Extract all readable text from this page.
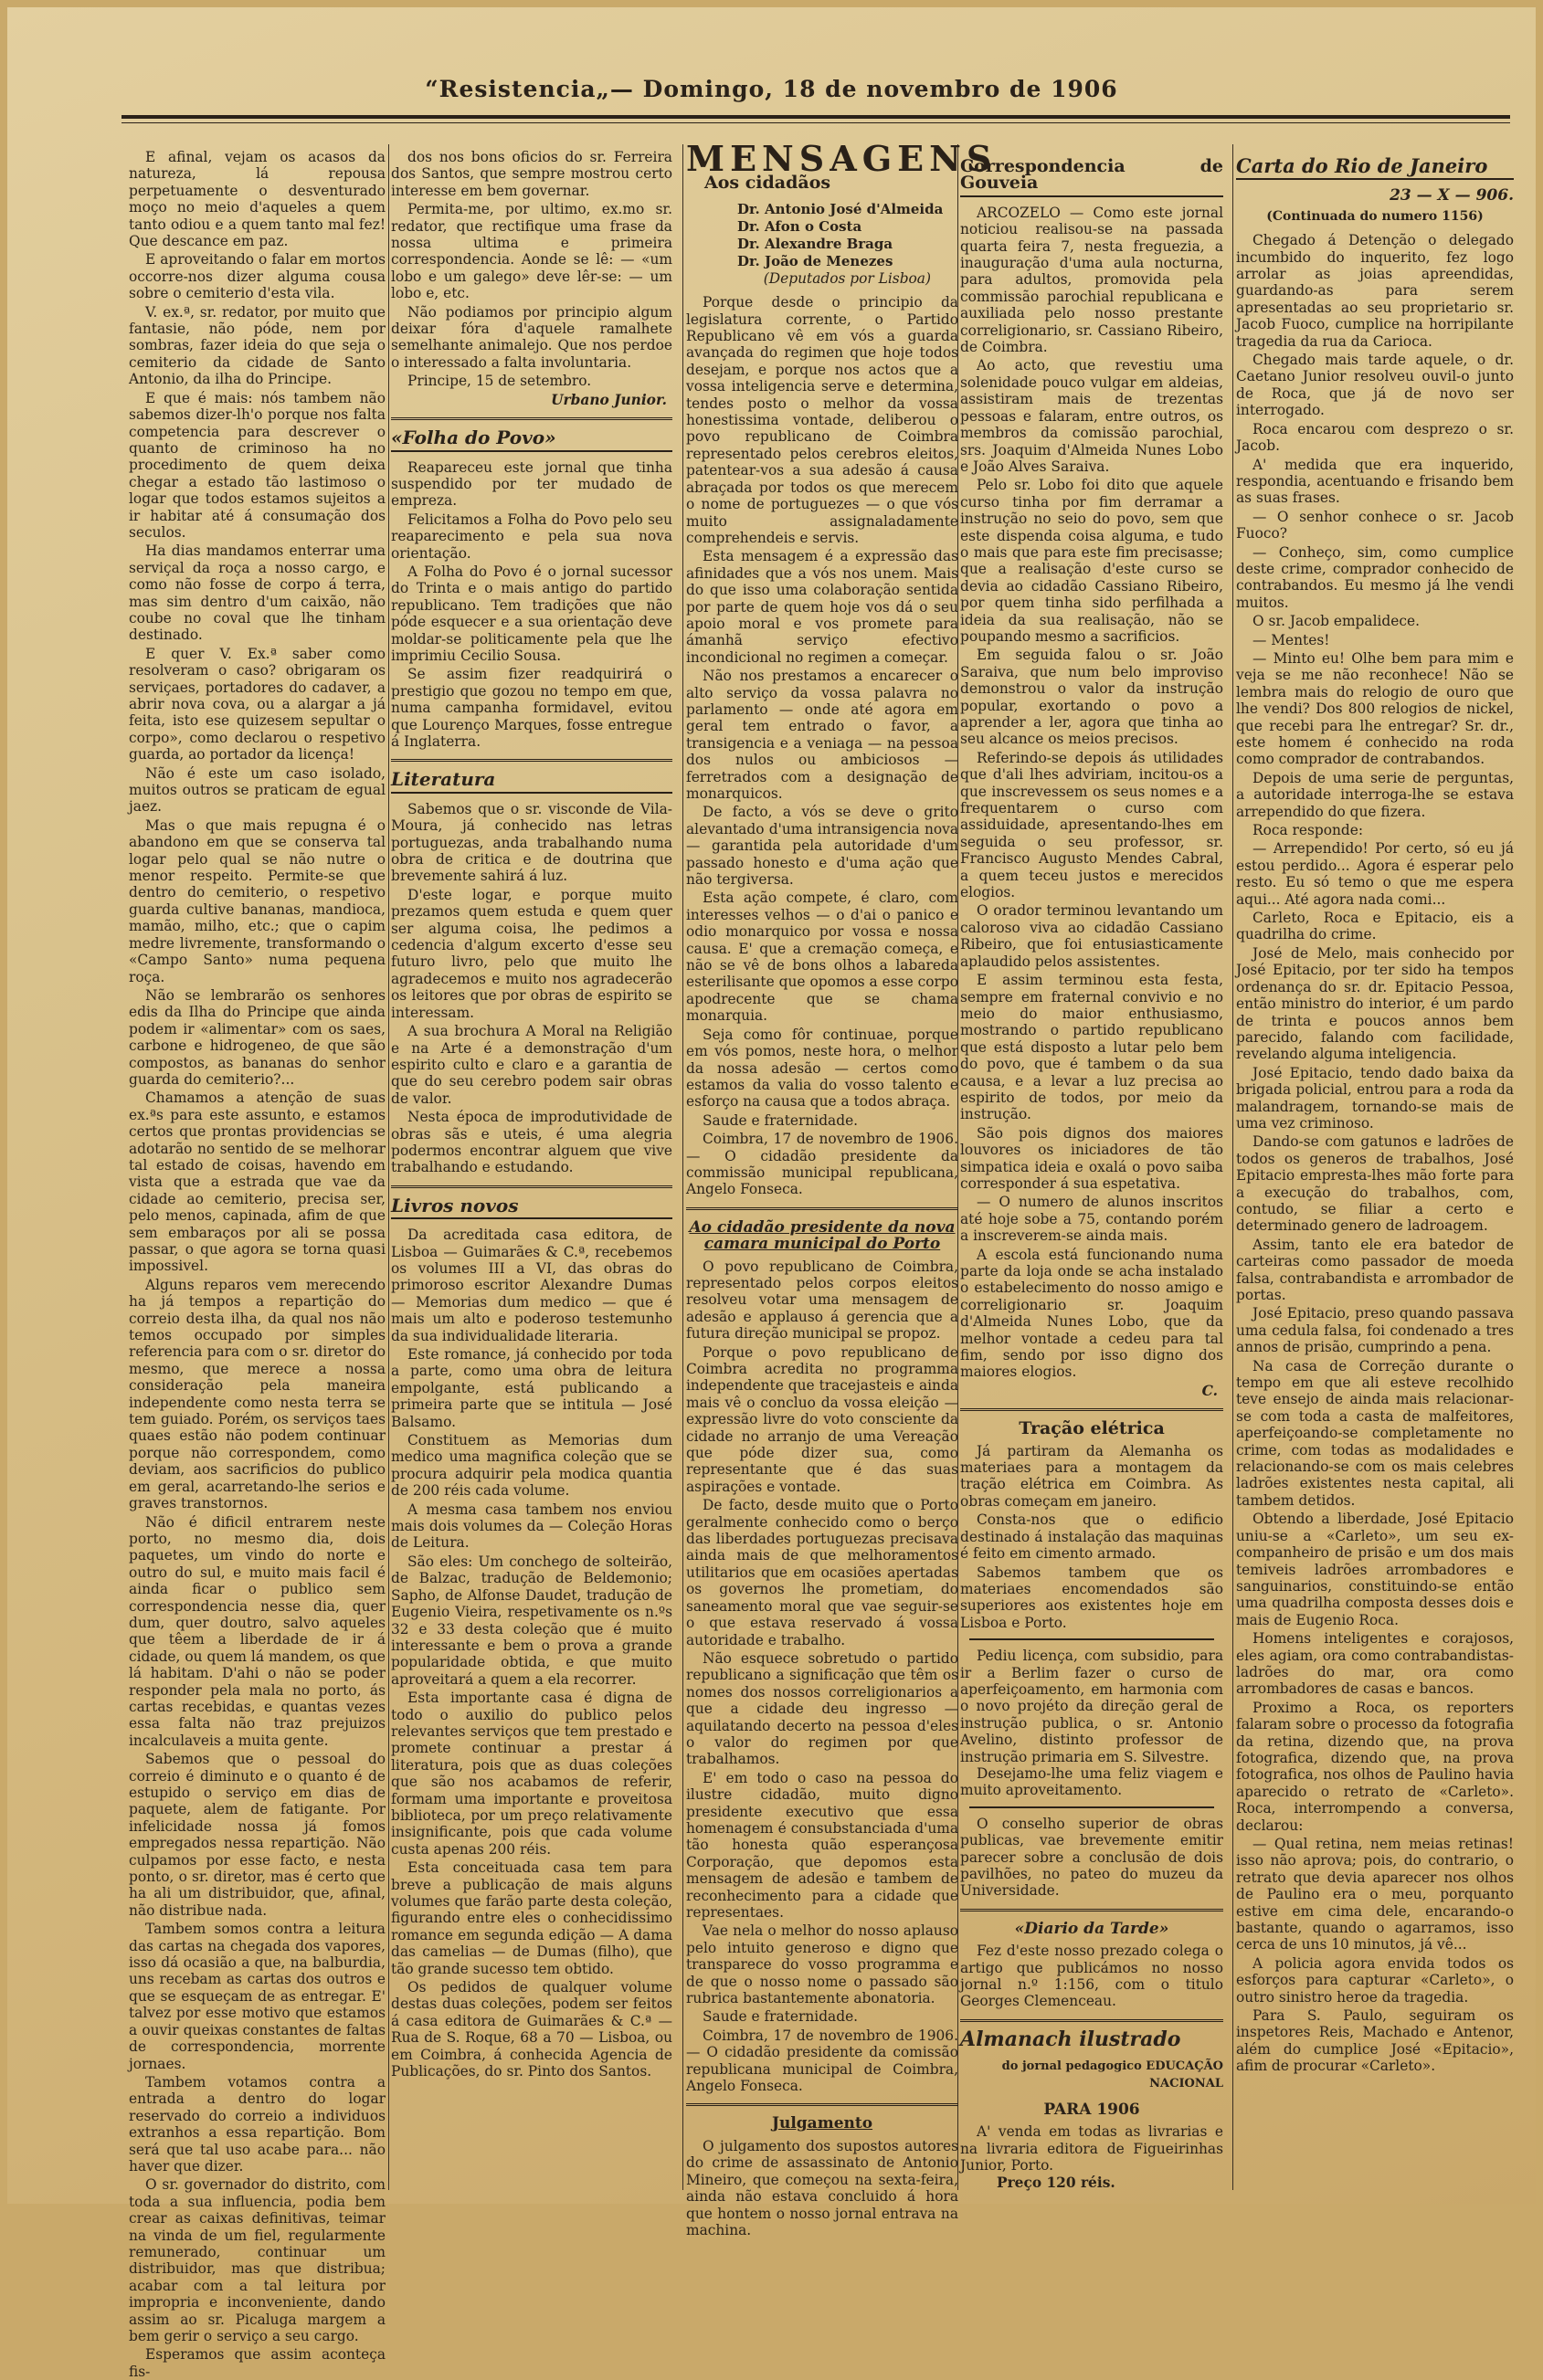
“Resistencia„— Domingo, 18 de novembro de 1906

E afinal, vejam os acasos da natureza, lá repousa perpetuamente o desventurado moço no meio d'aqueles a quem tanto odiou e a quem tanto mal fez! Que descance em paz.

E aproveitando o falar em mortos occorre-nos dizer alguma cousa sobre o cemiterio d'esta vila.

V. ex.ª, sr. redator, por muito que fantasie, não póde, nem por sombras, fazer ideia do que seja o cemiterio da cidade de Santo Antonio, da ilha do Principe.

E que é mais: nós tambem não sabemos dizer-lh'o porque nos falta competencia para descrever o quanto de criminoso ha no procedimento de quem deixa chegar a estado tão lastimoso o logar que todos estamos sujeitos a ir habitar até á consumação dos seculos.

Ha dias mandamos enterrar uma serviçal da roça a nosso cargo, e como não fosse de corpo á terra, mas sim dentro d'um caixão, não coube no coval que lhe tinham destinado.

E quer V. Ex.ª saber como resolveram o caso? obrigaram os serviçaes, portadores do cadaver, a abrir nova cova, ou a alargar a já feita, isto ese quizesem sepultar o corpo», como declarou o respetivo guarda, ao portador da licença!

Não é este um caso isolado, muitos outros se praticam de egual jaez.

Mas o que mais repugna é o abandono em que se conserva tal logar pelo qual se não nutre o menor respeito. Permite-se que dentro do cemiterio, o respetivo guarda cultive bananas, mandioca, mamão, milho, etc.; que o capim medre livremente, transformando o «Campo Santo» numa pequena roça.

Não se lembrarão os senhores edis da Ilha do Principe que ainda podem ir «alimentar» com os saes, carbone e hidrogeneo, de que são compostos, as bananas do senhor guarda do cemiterio?...

Chamamos a atenção de suas ex.ªs para este assunto, e estamos certos que prontas providencias se adotarão no sentido de se melhorar tal estado de coisas, havendo em vista que a estrada que vae da cidade ao cemiterio, precisa ser, pelo menos, capinada, afim de que sem embaraços por ali se possa passar, o que agora se torna quasi impossivel.

Alguns reparos vem merecendo ha já tempos a repartição do correio desta ilha, da qual nos não temos occupado por simples referencia para com o sr. diretor do mesmo, que merece a nossa consideração pela maneira independente como nesta terra se tem guiado. Porém, os serviços taes quaes estão não podem continuar porque não correspondem, como deviam, aos sacrificios do publico em geral, acarretando-lhe serios e graves transtornos.

Não é dificil entrarem neste porto, no mesmo dia, dois paquetes, um vindo do norte e outro do sul, e muito mais facil é ainda ficar o publico sem correspondencia nesse dia, quer dum, quer doutro, salvo aqueles que têem a liberdade de ir á cidade, ou quem lá mandem, os que lá habitam. D'ahi o não se poder responder pela mala no porto, ás cartas recebidas, e quantas vezes essa falta não traz prejuizos incalculaveis a muita gente.

Sabemos que o pessoal do correio é diminuto e o quanto é de estupido o serviço em dias de paquete, alem de fatigante. Por infelicidade nossa já fomos empregados nessa repartição. Não culpamos por esse facto, e nesta ponto, o sr. diretor, mas é certo que ha ali um distribuidor, que, afinal, não distribue nada.

Tambem somos contra a leitura das cartas na chegada dos vapores, isso dá ocasião a que, na balburdia, uns recebam as cartas dos outros e que se esqueçam de as entregar. E' talvez por esse motivo que estamos a ouvir queixas constantes de faltas de correspondencia, morrente jornaes.

Tambem votamos contra a entrada a dentro do logar reservado do correio a individuos extranhos a essa repartição. Bom será que tal uso acabe para... não haver que dizer.

O sr. governador do distrito, com toda a sua influencia, podia bem crear as caixas definitivas, teimar na vinda de um fiel, regularmente remunerado, continuar um distribuidor, mas que distribua; acabar com a tal leitura por impropria e inconveniente, dando assim ao sr. Picaluga margem a bem gerir o serviço a seu cargo.

Esperamos que assim aconteça fis-

dos nos bons oficios do sr. Ferreira dos Santos, que sempre mostrou certo interesse em bem governar.

Permita-me, por ultimo, ex.mo sr. redator, que rectifique uma frase da nossa ultima e primeira correspondencia. Aonde se lê: — «um lobo e um galego» deve lêr-se: — um lobo e, etc.

Não podiamos por principio algum deixar fóra d'aquele ramalhete semelhante animalejo. Que nos perdoe o interessado a falta involuntaria.

Principe, 15 de setembro.

Urbano Junior.
«Folha do Povo»

Reapareceu este jornal que tinha suspendido por ter mudado de empreza.

Felicitamos a Folha do Povo pelo seu reaparecimento e pela sua nova orientação.

A Folha do Povo é o jornal sucessor do Trinta e o mais antigo do partido republicano. Tem tradições que não póde esquecer e a sua orientação deve moldar-se politicamente pela que lhe imprimiu Cecilio Sousa.

Se assim fizer readquirirá o prestigio que gozou no tempo em que, numa campanha formidavel, evitou que Lourenço Marques, fosse entregue á Inglaterra.

Literatura

Sabemos que o sr. visconde de Vila-Moura, já conhecido nas letras portuguezas, anda trabalhando numa obra de critica e de doutrina que brevemente sahirá á luz.

D'este logar, e porque muito prezamos quem estuda e quem quer ser alguma coisa, lhe pedimos a cedencia d'algum excerto d'esse seu futuro livro, pelo que muito lhe agradecemos e muito nos agradecerão os leitores que por obras de espirito se interessam.

A sua brochura A Moral na Religião e na Arte é a demonstração d'um espirito culto e claro e a garantia de que do seu cerebro podem sair obras de valor.

Nesta época de improdutividade de obras sãs e uteis, é uma alegria podermos encontrar alguem que vive trabalhando e estudando.

Livros novos

Da acreditada casa editora, de Lisboa — Guimarães & C.ª, recebemos os volumes III a VI, das obras do primoroso escritor Alexandre Dumas — Memorias dum medico — que é mais um alto e poderoso testemunho da sua individualidade literaria.

Este romance, já conhecido por toda a parte, como uma obra de leitura empolgante, está publicando a primeira parte que se intitula — José Balsamo.

Constituem as Memorias dum medico uma magnifica coleção que se procura adquirir pela modica quantia de 200 réis cada volume.

A mesma casa tambem nos enviou mais dois volumes da — Coleção Horas de Leitura.

São eles: Um conchego de solteirão, de Balzac, tradução de Beldemonio; Sapho, de Alfonse Daudet, tradução de Eugenio Vieira, respetivamente os n.ºs 32 e 33 desta coleção que é muito interessante e bem o prova a grande popularidade obtida, e que muito aproveitará a quem a ela recorrer.

Esta importante casa é digna de todo o auxilio do publico pelos relevantes serviços que tem prestado e promete continuar a prestar á literatura, pois que as duas coleções que são nos acabamos de referir, formam uma importante e proveitosa biblioteca, por um preço relativamente insignificante, pois que cada volume custa apenas 200 réis.

Esta conceituada casa tem para breve a publicação de mais alguns volumes que farão parte desta coleção, figurando entre eles o conhecidissimo romance em segunda edição — A dama das camelias — de Dumas (filho), que tão grande sucesso tem obtido.

Os pedidos de qualquer volume destas duas coleções, podem ser feitos á casa editora de Guimarães & C.ª — Rua de S. Roque, 68 a 70 — Lisboa, ou em Coimbra, á conhecida Agencia de Publicações, do sr. Pinto dos Santos.

MENSAGENS
Aos cidadãos
Dr. Antonio José d'Almeida
Dr. Afon o Costa
Dr. Alexandre Braga
Dr. João de Menezes
(Deputados por Lisboa)

Porque desde o principio da legislatura corrente, o Partido Republicano vê em vós a guarda avançada do regimen que hoje todos desejam, e porque nos actos que a vossa inteligencia serve e determina, tendes posto o melhor da vossa honestissima vontade, deliberou o povo republicano de Coimbra representado pelos cerebros eleitos, patentear-vos a sua adesão á causa abraçada por todos os que merecem o nome de portuguezes — o que vós muito assignaladamente comprehendeis e servis.

Esta mensagem é a expressão das afinidades que a vós nos unem. Mais do que isso uma colaboração sentida por parte de quem hoje vos dá o seu apoio moral e vos promete para ámanhã serviço efectivo incondicional no regimen a começar.

Não nos prestamos a encarecer o alto serviço da vossa palavra no parlamento — onde até agora em geral tem entrado o favor, a transigencia e a veniaga — na pessoa dos nulos ou ambiciosos — ferretrados com a designação de monarquicos.

De facto, a vós se deve o grito alevantado d'uma intransigencia nova — garantida pela autoridade d'um passado honesto e d'uma ação que não tergiversa.

Esta ação compete, é claro, com interesses velhos — o d'ai o panico e odio monarquico por vossa e nossa causa. E' que a cremação começa, e não se vê de bons olhos a labareda esterilisante que opomos a esse corpo apodrecente que se chama monarquia.

Seja como fôr continuae, porque em vós pomos, neste hora, o melhor da nossa adesão — certos como estamos da valia do vosso talento e esforço na causa que a todos abraça.

Saude e fraternidade.

Coimbra, 17 de novembro de 1906. — O cidadão presidente da commissão municipal republicana, Angelo Fonseca.

Ao cidadão presidente da nova camara municipal do Porto

O povo republicano de Coimbra, representado pelos corpos eleitos resolveu votar uma mensagem de adesão e applauso á gerencia que a futura direção municipal se propoz.

Porque o povo republicano de Coimbra acredita no programma independente que tracejasteis e ainda mais vê o concluo da vossa eleição — expressão livre do voto consciente da cidade no arranjo de uma Vereação que póde dizer sua, como representante que é das suas aspirações e vontade.

De facto, desde muito que o Porto geralmente conhecido como o berço das liberdades portuguezas precisava ainda mais de que melhoramentos utilitarios que em ocasiões apertadas os governos lhe prometiam, do saneamento moral que vae seguir-se o que estava reservado á vossa autoridade e trabalho.

Não esquece sobretudo o partido republicano a significação que têm os nomes dos nossos correligionarios a que a cidade deu ingresso — aquilatando decerto na pessoa d'eles o valor do regimen por que trabalhamos.

E' em todo o caso na pessoa do ilustre cidadão, muito digno presidente executivo que essa homenagem é consubstanciada d'uma tão honesta quão esperançosa Corporação, que depomos esta mensagem de adesão e tambem de reconhecimento para a cidade que representaes.

Vae nela o melhor do nosso aplauso pelo intuito generoso e digno que transparece do vosso programma e de que o nosso nome o passado são rubrica bastantemente abonatoria.

Saude e fraternidade.

Coimbra, 17 de novembro de 1906. — O cidadão presidente da comissão republicana municipal de Coimbra, Angelo Fonseca.

Julgamento

O julgamento dos supostos autores do crime de assassinato de Antonio Mineiro, que começou na sexta-feira, ainda não estava concluido á hora que hontem o nosso jornal entrava na machina.

Correspondencia de Gouveia

ARCOZELO — Como este jornal noticiou realisou-se na passada quarta feira 7, nesta freguezia, a inauguração d'uma aula nocturna, para adultos, promovida pela commissão parochial republicana e auxiliada pelo nosso prestante correligionario, sr. Cassiano Ribeiro, de Coimbra.

Ao acto, que revestiu uma solenidade pouco vulgar em aldeias, assistiram mais de trezentas pessoas e falaram, entre outros, os membros da comissão parochial, srs. Joaquim d'Almeida Nunes Lobo e João Alves Saraiva.

Pelo sr. Lobo foi dito que aquele curso tinha por fim derramar a instrução no seio do povo, sem que este dispenda coisa alguma, e tudo o mais que para este fim precisasse; que a realisação d'este curso se devia ao cidadão Cassiano Ribeiro, por quem tinha sido perfilhada a ideia da sua realisação, não se poupando mesmo a sacrificios.

Em seguida falou o sr. João Saraiva, que num belo improviso demonstrou o valor da instrução popular, exortando o povo a aprender a ler, agora que tinha ao seu alcance os meios precisos.

Referindo-se depois ás utilidades que d'ali lhes adviriam, incitou-os a que inscrevessem os seus nomes e a frequentarem o curso com assiduidade, apresentando-lhes em seguida o seu professor, sr. Francisco Augusto Mendes Cabral, a quem teceu justos e merecidos elogios.

O orador terminou levantando um caloroso viva ao cidadão Cassiano Ribeiro, que foi entusiasticamente aplaudido pelos assistentes.

E assim terminou esta festa, sempre em fraternal convivio e no meio do maior enthusiasmo, mostrando o partido republicano que está disposto a lutar pelo bem do povo, que é tambem o da sua causa, e a levar a luz precisa ao espirito de todos, por meio da instrução.

São pois dignos dos maiores louvores os iniciadores de tão simpatica ideia e oxalá o povo saiba corresponder á sua espetativa.

— O numero de alunos inscritos até hoje sobe a 75, contando porém a inscreverem-se ainda mais.

A escola está funcionando numa parte da loja onde se acha instalado o estabelecimento do nosso amigo e correligionario sr. Joaquim d'Almeida Nunes Lobo, que da melhor vontade a cedeu para tal fim, sendo por isso digno dos maiores elogios.

C.
Tração elétrica

Já partiram da Alemanha os materiaes para a montagem da tração elétrica em Coimbra. As obras começam em janeiro.

Consta-nos que o edificio destinado á instalação das maquinas é feito em cimento armado.

Sabemos tambem que os materiaes encomendados são superiores aos existentes hoje em Lisboa e Porto.

Pediu licença, com subsidio, para ir a Berlim fazer o curso de aperfeiçoamento, em harmonia com o novo projéto da direção geral de instrução publica, o sr. Antonio Avelino, distinto professor de instrução primaria em S. Silvestre.

Desejamo-lhe uma feliz viagem e muito aproveitamento.

O conselho superior de obras publicas, vae brevemente emitir parecer sobre a conclusão de dois pavilhões, no pateo do muzeu da Universidade.

«Diario da Tarde»

Fez d'este nosso prezado colega o artigo que publicámos no nosso jornal n.º 1:156, com o titulo Georges Clemenceau.

Almanach ilustrado
do jornal pedagogico EDUCAÇÃO NACIONAL
PARA 1906

A' venda em todas as livrarias e na livraria editora de Figueirinhas Junior, Porto.

Preço 120 réis.
Carta do Rio de Janeiro
23 — X — 906.
(Continuada do numero 1156)

Chegado á Detenção o delegado incumbido do inquerito, fez logo arrolar as joias apreendidas, guardando-as para serem apresentadas ao seu proprietario sr. Jacob Fuoco, cumplice na horripilante tragedia da rua da Carioca.

Chegado mais tarde aquele, o dr. Caetano Junior resolveu ouvil-o junto de Roca, que já de novo ser interrogado.

Roca encarou com desprezo o sr. Jacob.

A' medida que era inquerido, respondia, acentuando e frisando bem as suas frases.

— O senhor conhece o sr. Jacob Fuoco?

— Conheço, sim, como cumplice deste crime, comprador conhecido de contrabandos. Eu mesmo já lhe vendi muitos.

O sr. Jacob empalidece.

— Mentes!

— Minto eu! Olhe bem para mim e veja se me não reconhece! Não se lembra mais do relogio de ouro que lhe vendi? Dos 800 relogios de nickel, que recebi para lhe entregar? Sr. dr., este homem é conhecido na roda como comprador de contrabandos.

Depois de uma serie de perguntas, a autoridade interroga-lhe se estava arrependido do que fizera.

Roca responde:

— Arrependido! Por certo, só eu já estou perdido... Agora é esperar pelo resto. Eu só temo o que me espera aqui... Até agora nada comi...

Carleto, Roca e Epitacio, eis a quadrilha do crime.

José de Melo, mais conhecido por José Epitacio, por ter sido ha tempos ordenança do sr. dr. Epitacio Pessoa, então ministro do interior, é um pardo de trinta e poucos annos bem parecido, falando com facilidade, revelando alguma inteligencia.

José Epitacio, tendo dado baixa da brigada policial, entrou para a roda da malandragem, tornando-se mais de uma vez criminoso.

Dando-se com gatunos e ladrões de todos os generos de trabalhos, José Epitacio empresta-lhes mão forte para a execução do trabalhos, com, contudo, se filiar a certo e determinado genero de ladroagem.

Assim, tanto ele era batedor de carteiras como passador de moeda falsa, contrabandista e arrombador de portas.

José Epitacio, preso quando passava uma cedula falsa, foi condenado a tres annos de prisão, cumprindo a pena.

Na casa de Correção durante o tempo em que ali esteve recolhido teve ensejo de ainda mais relacionar-se com toda a casta de malfeitores, aperfeiçoando-se completamente no crime, com todas as modalidades e relacionando-se com os mais celebres ladrões existentes nesta capital, ali tambem detidos.

Obtendo a liberdade, José Epitacio uniu-se a «Carleto», um seu ex-companheiro de prisão e um dos mais temiveis ladrões arrombadores e sanguinarios, constituindo-se então uma quadrilha composta desses dois e mais de Eugenio Roca.

Homens inteligentes e corajosos, eles agiam, ora como contrabandistas-ladrões do mar, ora como arrombadores de casas e bancos.

Proximo a Roca, os reporters falaram sobre o processo da fotografia da retina, dizendo que, na prova fotografica, dizendo que, na prova fotografica, nos olhos de Paulino havia aparecido o retrato de «Carleto». Roca, interrompendo a conversa, declarou:

— Qual retina, nem meias retinas! isso não aprova; pois, do contrario, o retrato que devia aparecer nos olhos de Paulino era o meu, porquanto estive em cima dele, encarando-o bastante, quando o agarramos, isso cerca de uns 10 minutos, já vê...

A policia agora envida todos os esforços para capturar «Carleto», o outro sinistro heroe da tragedia.

Para S. Paulo, seguiram os inspetores Reis, Machado e Antenor, além do cumplice José «Epitacio», afim de procurar «Carleto».
